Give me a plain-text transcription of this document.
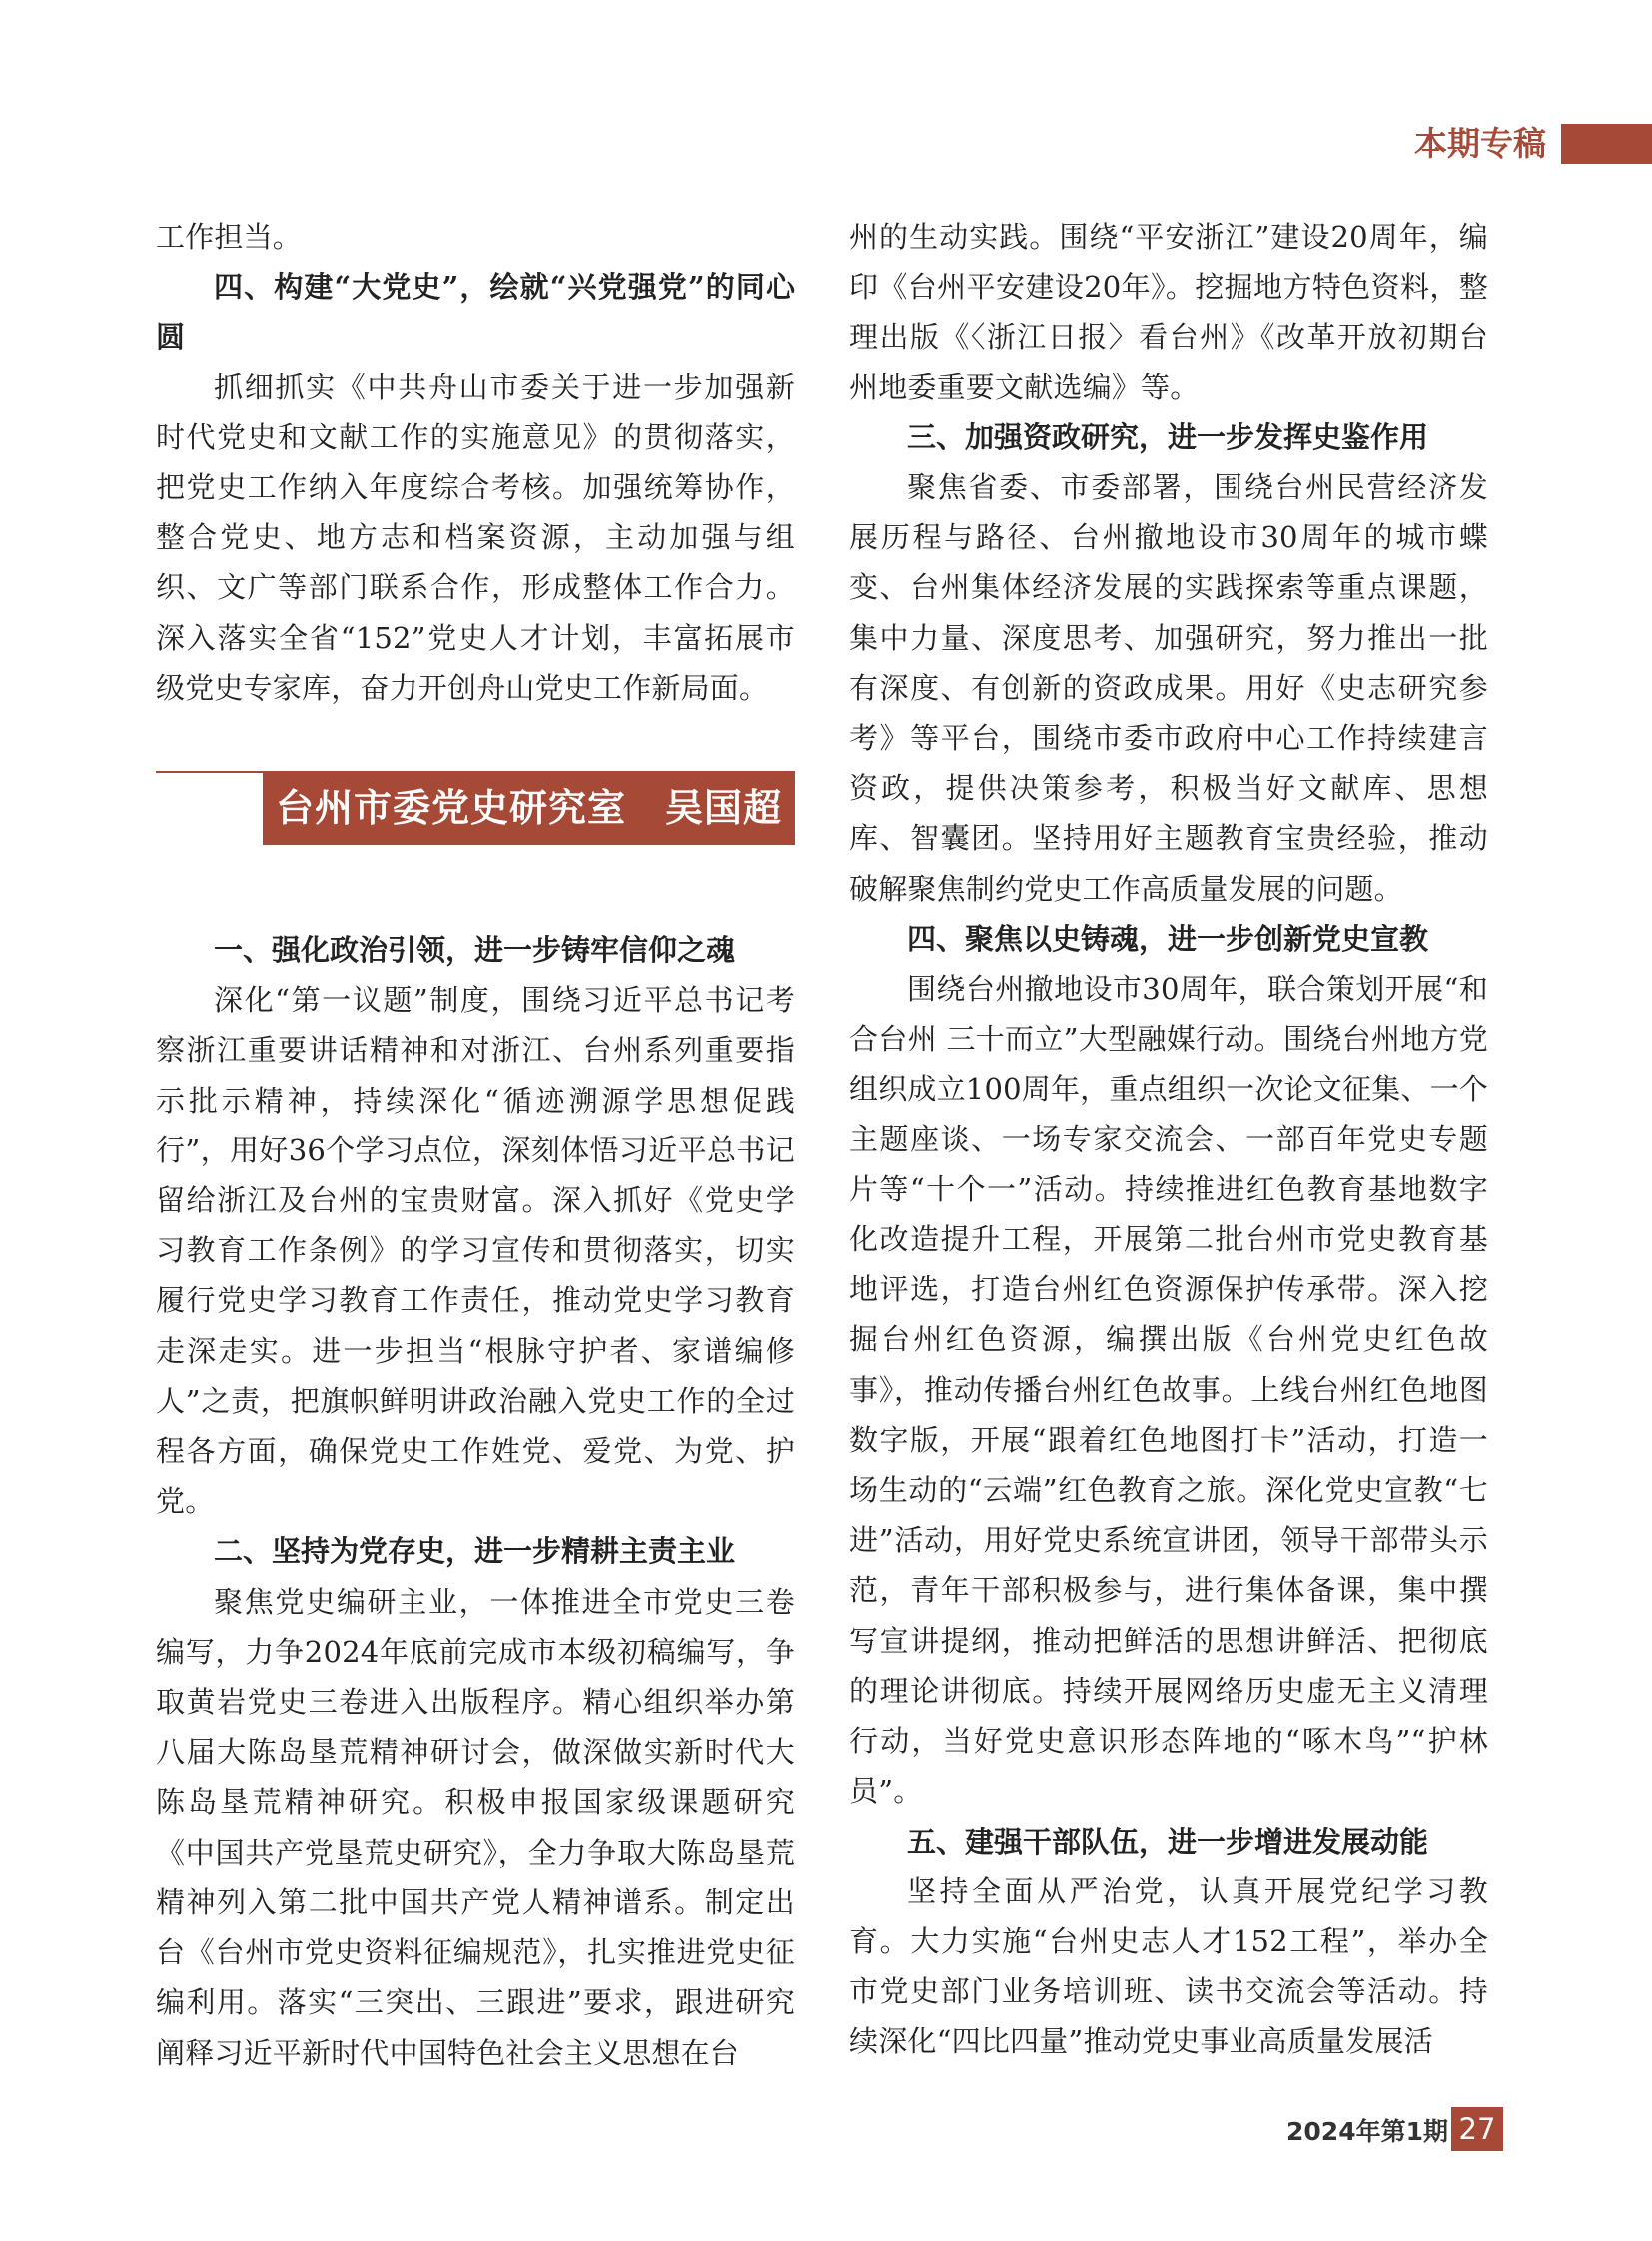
本期专稿

工作担当。

四、构建“大党史”，绘就“兴党强党”的同心圆

抓细抓实《中共舟山市委关于进一步加强新时代党史和文献工作的实施意见》的贯彻落实，把党史工作纳入年度综合考核。加强统筹协作，整合党史、地方志和档案资源，主动加强与组织、文广等部门联系合作，形成整体工作合力。深入落实全省“152”党史人才计划，丰富拓展市级党史专家库，奋力开创舟山党史工作新局面。

台州市委党史研究室　吴国超

一、强化政治引领，进一步铸牢信仰之魂

深化“第一议题”制度，围绕习近平总书记考察浙江重要讲话精神和对浙江、台州系列重要指示批示精神，持续深化“循迹溯源学思想促践行”，用好36个学习点位，深刻体悟习近平总书记留给浙江及台州的宝贵财富。深入抓好《党史学习教育工作条例》的学习宣传和贯彻落实，切实履行党史学习教育工作责任，推动党史学习教育走深走实。进一步担当“根脉守护者、家谱编修人”之责，把旗帜鲜明讲政治融入党史工作的全过程各方面，确保党史工作姓党、爱党、为党、护党。

二、坚持为党存史，进一步精耕主责主业

聚焦党史编研主业，一体推进全市党史三卷编写，力争2024年底前完成市本级初稿编写，争取黄岩党史三卷进入出版程序。精心组织举办第八届大陈岛垦荒精神研讨会，做深做实新时代大陈岛垦荒精神研究。积极申报国家级课题研究《中国共产党垦荒史研究》，全力争取大陈岛垦荒精神列入第二批中国共产党人精神谱系。制定出台《台州市党史资料征编规范》，扎实推进党史征编利用。落实“三突出、三跟进”要求，跟进研究阐释习近平新时代中国特色社会主义思想在台

州的生动实践。围绕“平安浙江”建设20周年，编印《台州平安建设20年》。挖掘地方特色资料，整理出版《〈浙江日报〉看台州》《改革开放初期台州地委重要文献选编》等。

三、加强资政研究，进一步发挥史鉴作用

聚焦省委、市委部署，围绕台州民营经济发展历程与路径、台州撤地设市30周年的城市蝶变、台州集体经济发展的实践探索等重点课题，集中力量、深度思考、加强研究，努力推出一批有深度、有创新的资政成果。用好《史志研究参考》等平台，围绕市委市政府中心工作持续建言资政，提供决策参考，积极当好文献库、思想库、智囊团。坚持用好主题教育宝贵经验，推动破解聚焦制约党史工作高质量发展的问题。

四、聚焦以史铸魂，进一步创新党史宣教

围绕台州撤地设市30周年，联合策划开展“和合台州 三十而立”大型融媒行动。围绕台州地方党组织成立100周年，重点组织一次论文征集、一个主题座谈、一场专家交流会、一部百年党史专题片等“十个一”活动。持续推进红色教育基地数字化改造提升工程，开展第二批台州市党史教育基地评选，打造台州红色资源保护传承带。深入挖掘台州红色资源，编撰出版《台州党史红色故事》，推动传播台州红色故事。上线台州红色地图数字版，开展“跟着红色地图打卡”活动，打造一场生动的“云端”红色教育之旅。深化党史宣教“七进”活动，用好党史系统宣讲团，领导干部带头示范，青年干部积极参与，进行集体备课，集中撰写宣讲提纲，推动把鲜活的思想讲鲜活、把彻底的理论讲彻底。持续开展网络历史虚无主义清理行动，当好党史意识形态阵地的“啄木鸟”“护林员”。

五、建强干部队伍，进一步增进发展动能

坚持全面从严治党，认真开展党纪学习教育。大力实施“台州史志人才152工程”，举办全市党史部门业务培训班、读书交流会等活动。持续深化“四比四量”推动党史事业高质量发展活

2024年第1期 27
